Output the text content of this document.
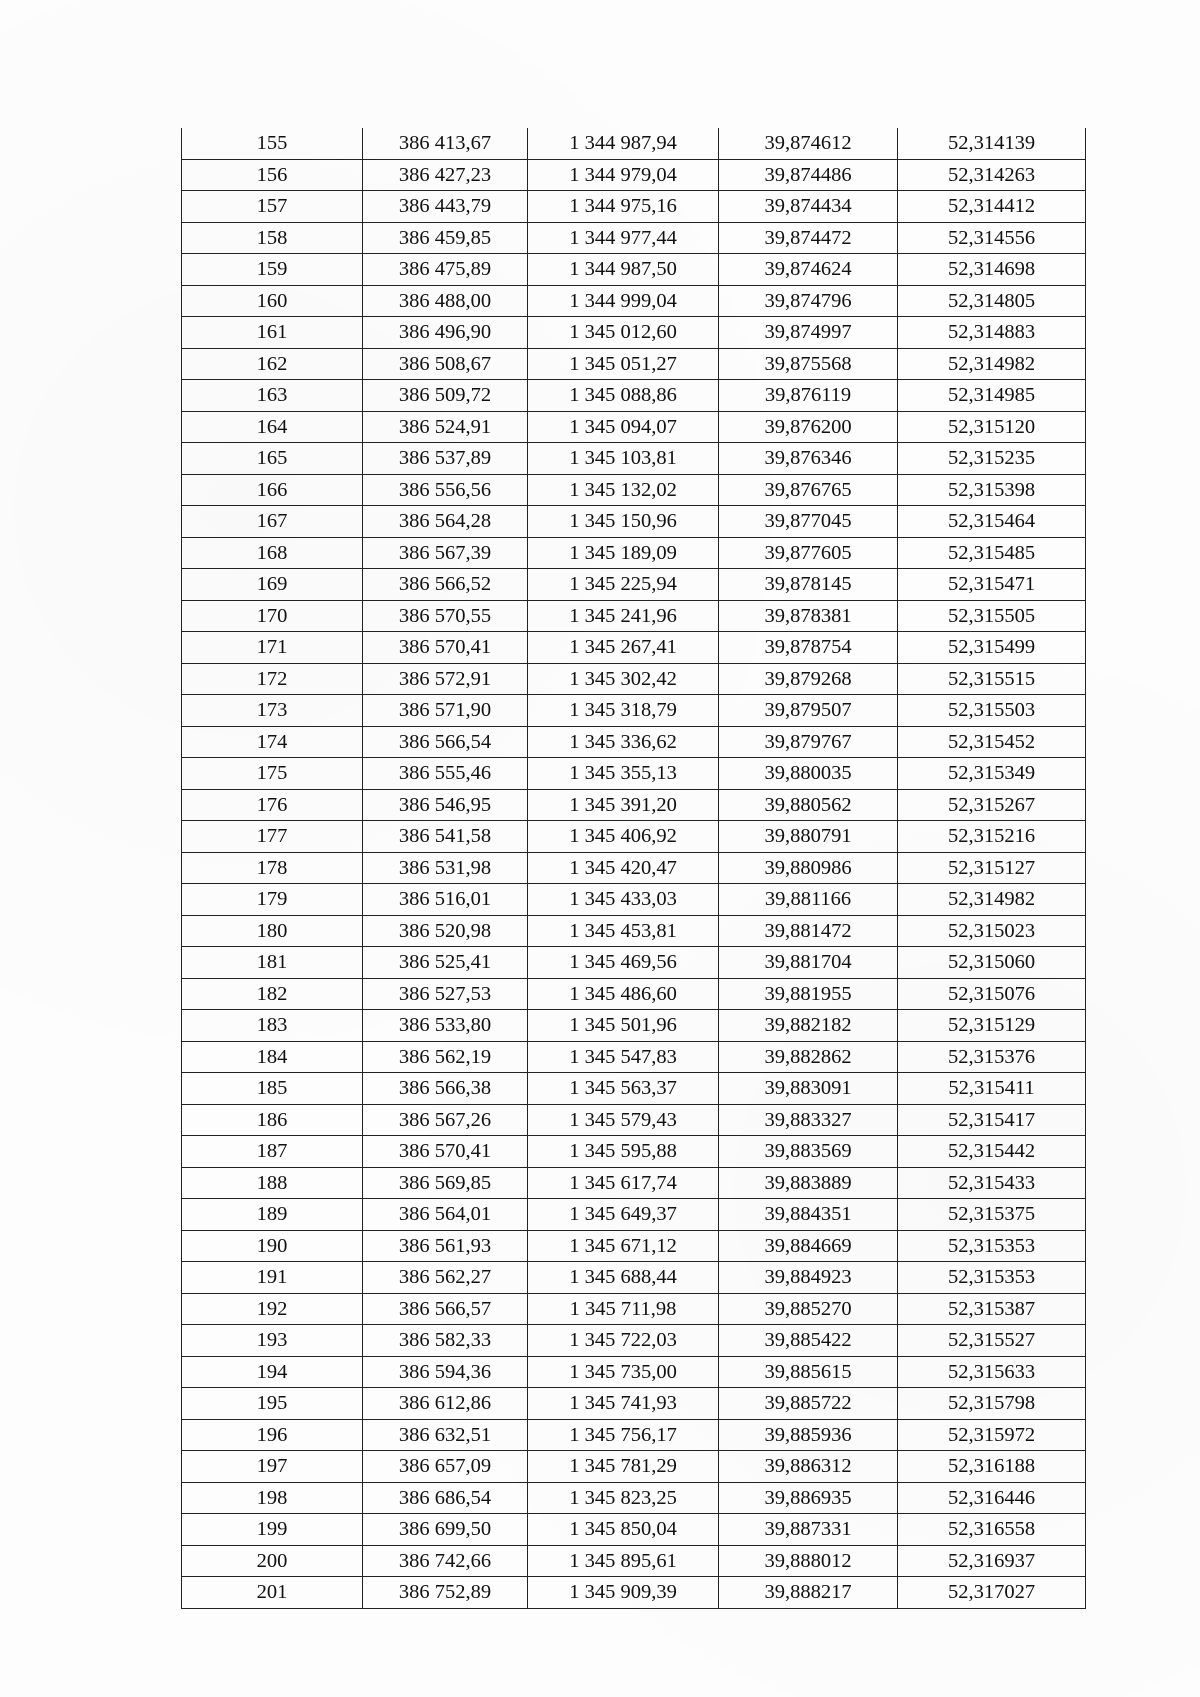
155	386 413,67	1 344 987,94	39,874612	52,314139
156	386 427,23	1 344 979,04	39,874486	52,314263
157	386 443,79	1 344 975,16	39,874434	52,314412
158	386 459,85	1 344 977,44	39,874472	52,314556
159	386 475,89	1 344 987,50	39,874624	52,314698
160	386 488,00	1 344 999,04	39,874796	52,314805
161	386 496,90	1 345 012,60	39,874997	52,314883
162	386 508,67	1 345 051,27	39,875568	52,314982
163	386 509,72	1 345 088,86	39,876119	52,314985
164	386 524,91	1 345 094,07	39,876200	52,315120
165	386 537,89	1 345 103,81	39,876346	52,315235
166	386 556,56	1 345 132,02	39,876765	52,315398
167	386 564,28	1 345 150,96	39,877045	52,315464
168	386 567,39	1 345 189,09	39,877605	52,315485
169	386 566,52	1 345 225,94	39,878145	52,315471
170	386 570,55	1 345 241,96	39,878381	52,315505
171	386 570,41	1 345 267,41	39,878754	52,315499
172	386 572,91	1 345 302,42	39,879268	52,315515
173	386 571,90	1 345 318,79	39,879507	52,315503
174	386 566,54	1 345 336,62	39,879767	52,315452
175	386 555,46	1 345 355,13	39,880035	52,315349
176	386 546,95	1 345 391,20	39,880562	52,315267
177	386 541,58	1 345 406,92	39,880791	52,315216
178	386 531,98	1 345 420,47	39,880986	52,315127
179	386 516,01	1 345 433,03	39,881166	52,314982
180	386 520,98	1 345 453,81	39,881472	52,315023
181	386 525,41	1 345 469,56	39,881704	52,315060
182	386 527,53	1 345 486,60	39,881955	52,315076
183	386 533,80	1 345 501,96	39,882182	52,315129
184	386 562,19	1 345 547,83	39,882862	52,315376
185	386 566,38	1 345 563,37	39,883091	52,315411
186	386 567,26	1 345 579,43	39,883327	52,315417
187	386 570,41	1 345 595,88	39,883569	52,315442
188	386 569,85	1 345 617,74	39,883889	52,315433
189	386 564,01	1 345 649,37	39,884351	52,315375
190	386 561,93	1 345 671,12	39,884669	52,315353
191	386 562,27	1 345 688,44	39,884923	52,315353
192	386 566,57	1 345 711,98	39,885270	52,315387
193	386 582,33	1 345 722,03	39,885422	52,315527
194	386 594,36	1 345 735,00	39,885615	52,315633
195	386 612,86	1 345 741,93	39,885722	52,315798
196	386 632,51	1 345 756,17	39,885936	52,315972
197	386 657,09	1 345 781,29	39,886312	52,316188
198	386 686,54	1 345 823,25	39,886935	52,316446
199	386 699,50	1 345 850,04	39,887331	52,316558
200	386 742,66	1 345 895,61	39,888012	52,316937
201	386 752,89	1 345 909,39	39,888217	52,317027
